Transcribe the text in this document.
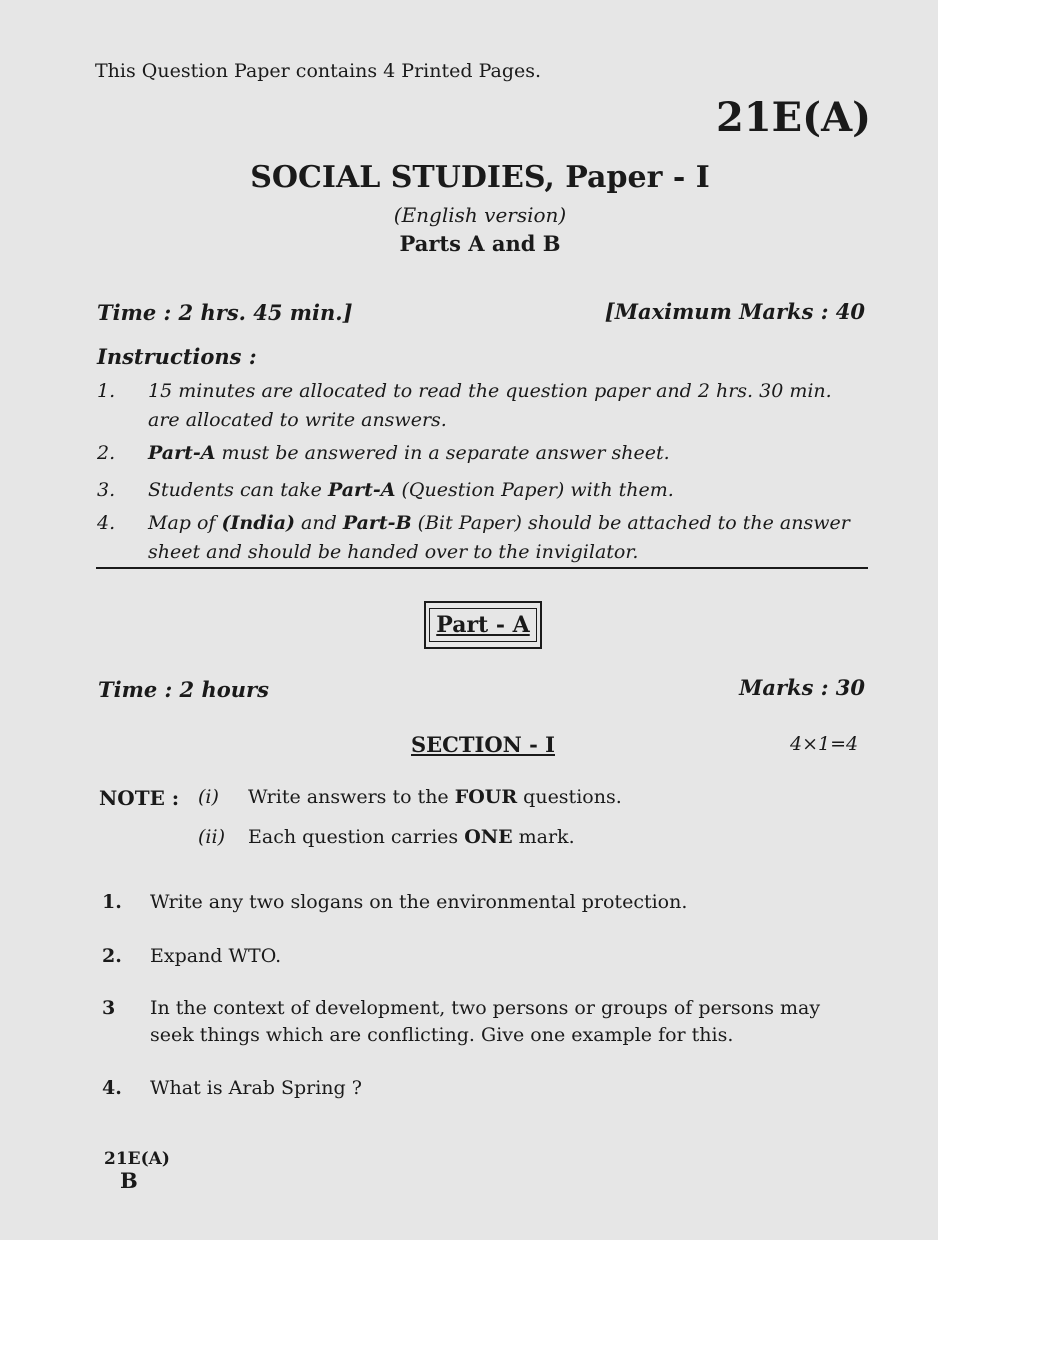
This Question Paper contains 4 Printed Pages.
21E(A)
SOCIAL STUDIES, Paper - I
(English version)
Parts A and B
Time : 2 hrs. 45 min.]	[Maximum Marks : 40
Instructions :
1. 15 minutes are allocated to read the question paper and 2 hrs. 30 min. are allocated to write answers.
2. Part-A must be answered in a separate answer sheet.
3. Students can take Part-A (Question Paper) with them.
4. Map of (India) and Part-B (Bit Paper) should be attached to the answer sheet and should be handed over to the invigilator.
Part - A
Time : 2 hours	Marks : 30
SECTION - I	4×1=4
NOTE : (i) Write answers to the FOUR questions.
(ii) Each question carries ONE mark.
1. Write any two slogans on the environmental protection.
2. Expand WTO.
3 In the context of development, two persons or groups of persons may seek things which are conflicting. Give one example for this.
4. What is Arab Spring ?
21E(A)
B
